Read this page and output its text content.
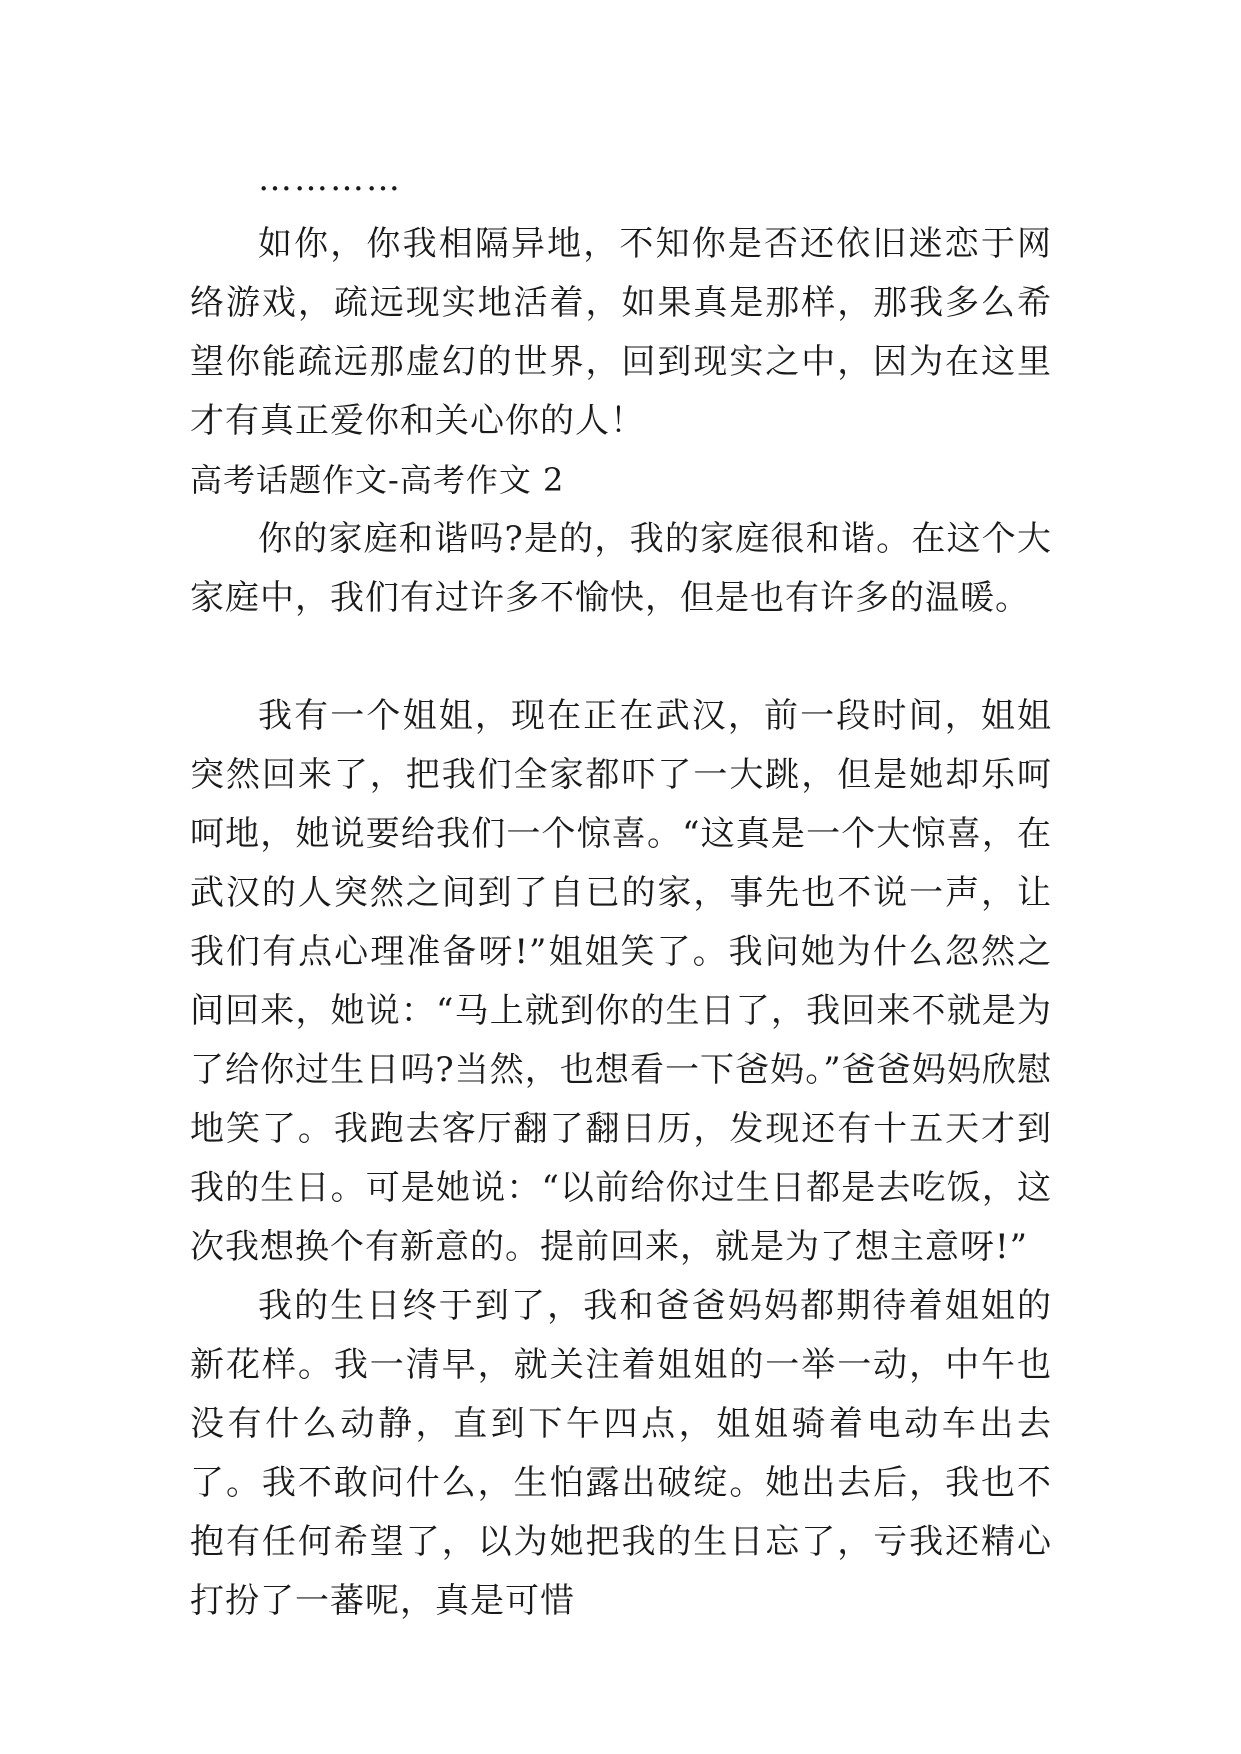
…………

如你，你我相隔异地，不知你是否还依旧迷恋于网络游戏，疏远现实地活着，如果真是那样，那我多么希望你能疏远那虚幻的世界，回到现实之中，因为在这里才有真正爱你和关心你的人！

高考话题作文-高考作文 2

你的家庭和谐吗?是的，我的家庭很和谐。在这个大家庭中，我们有过许多不愉快，但是也有许多的温暖。

我有一个姐姐，现在正在武汉，前一段时间，姐姐突然回来了，把我们全家都吓了一大跳，但是她却乐呵呵地，她说要给我们一个惊喜。“这真是一个大惊喜，在武汉的人突然之间到了自已的家，事先也不说一声，让我们有点心理准备呀!”姐姐笑了。我问她为什么忽然之间回来，她说：“马上就到你的生日了，我回来不就是为了给你过生日吗?当然，也想看一下爸妈。”爸爸妈妈欣慰地笑了。我跑去客厅翻了翻日历，发现还有十五天才到我的生日。可是她说：“以前给你过生日都是去吃饭，这次我想换个有新意的。提前回来，就是为了想主意呀!”

我的生日终于到了，我和爸爸妈妈都期待着姐姐的新花样。我一清早，就关注着姐姐的一举一动，中午也没有什么动静，直到下午四点，姐姐骑着电动车出去了。我不敢问什么，生怕露出破绽。她出去后，我也不抱有任何希望了，以为她把我的生日忘了，亏我还精心打扮了一蕃呢，真是可惜
